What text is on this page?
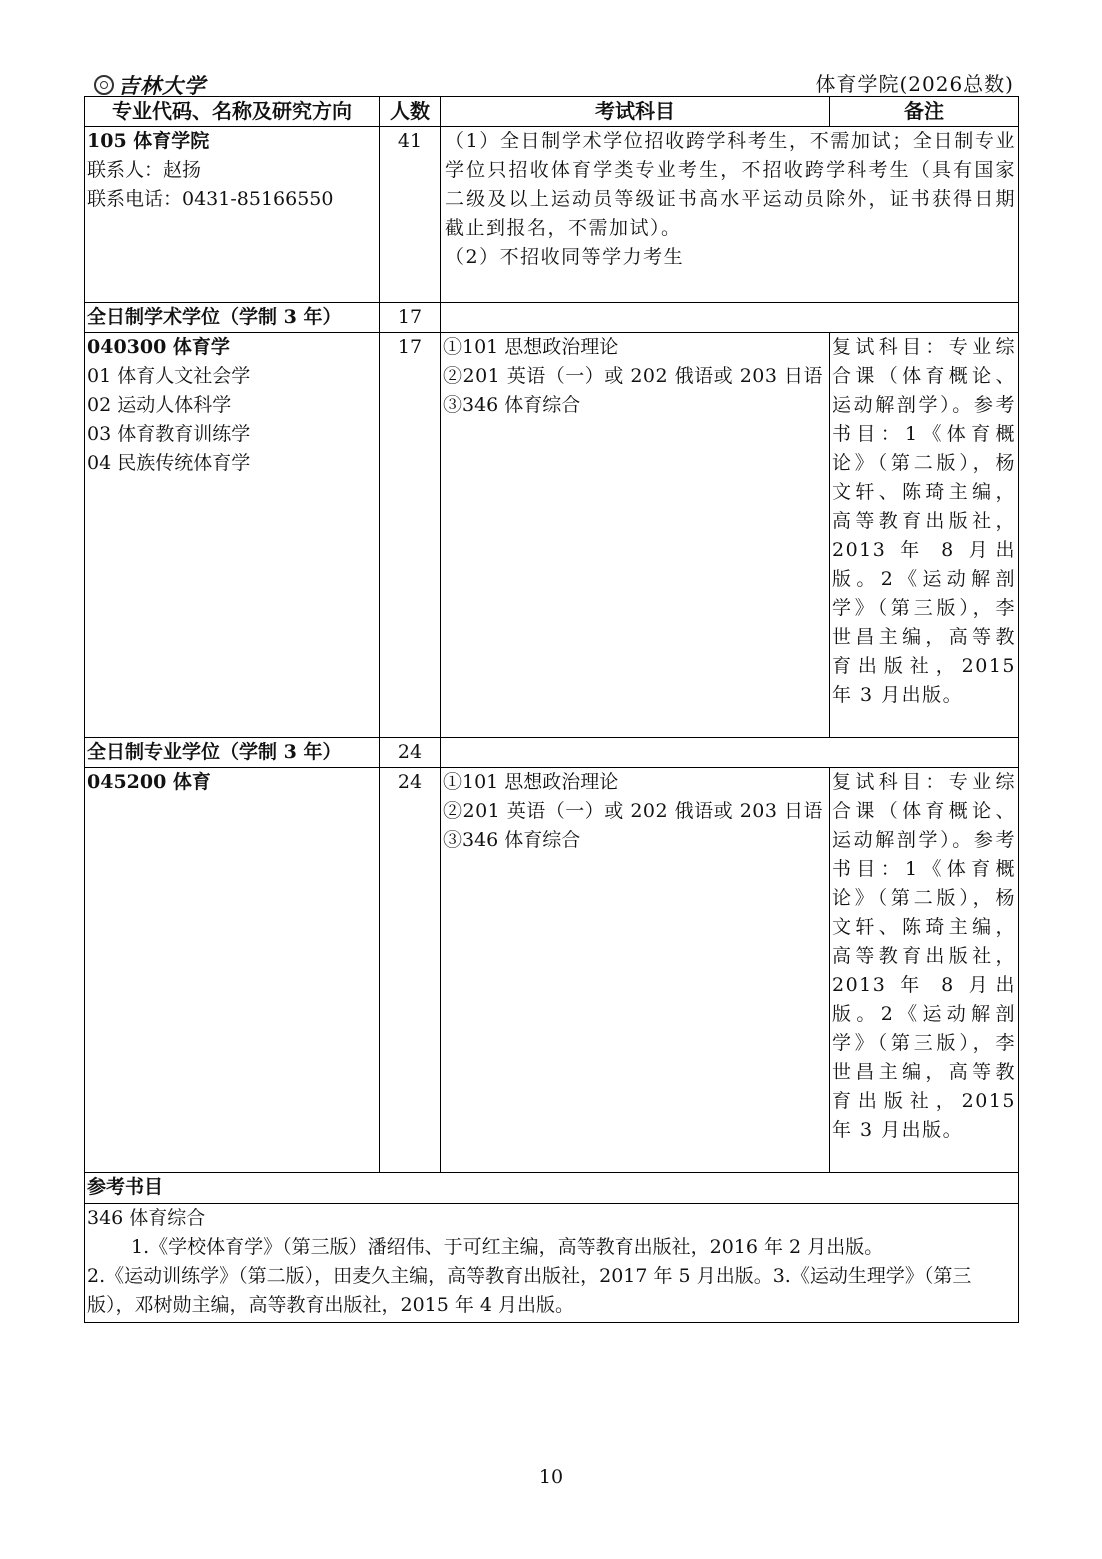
吉林大学	体育学院(2026总数)
专业代码、名称及研究方向	人数	考试科目	备注

105 体育学院
联系人：赵扬
联系电话：0431-85166550	41	（1）全日制学术学位招收跨学科考生，不需加试；全日制专业学位只招收体育学类专业考生，不招收跨学科考生（具有国家二级及以上运动员等级证书高水平运动员除外，证书获得日期截止到报名，不需加试）。
（2）不招收同等学力考生	

全日制学术学位（学制 3 年）	17		

040300 体育学
01 体育人文社会学
02 运动人体科学
03 体育教育训练学
04 民族传统体育学	17	①101 思想政治理论
②201 英语（一）或 202 俄语或 203 日语
③346 体育综合	复试科目：专业综合课（体育概论、运动解剖学）。参考书目：1《体育概论》（第二版），杨文轩、陈琦主编，高等教育出版社，2013 年 8 月出版。2《运动解剖学》（第三版），李世昌主编，高等教育出版社，2015 年 3 月出版。
全日制专业学位（学制 3 年）	24		

045200 体育	24	①101 思想政治理论
②201 英语（一）或 202 俄语或 203 日语
③346 体育综合	复试科目：专业综合课（体育概论、运动解剖学）。参考书目：1《体育概论》（第二版），杨文轩、陈琦主编，高等教育出版社，2013 年 8 月出版。2《运动解剖学》（第三版），李世昌主编，高等教育出版社，2015 年 3 月出版。
参考书目			

346 体育综合
1.《学校体育学》（第三版）潘绍伟、于可红主编，高等教育出版社，2016 年 2 月出版。
2.《运动训练学》（第二版），田麦久主编，高等教育出版社，2017 年 5 月出版。3.《运动生理学》（第三版），邓树勋主编，高等教育出版社，2015 年 4 月出版。			
10
